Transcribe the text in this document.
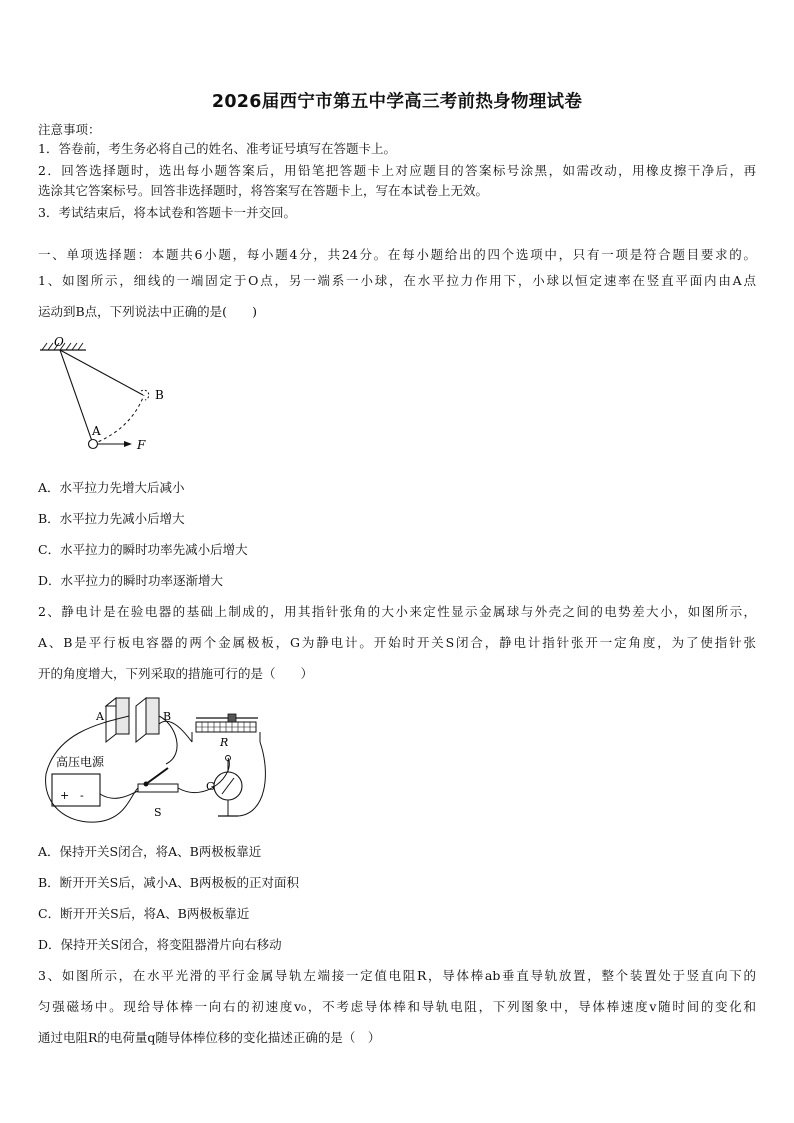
2026届西宁市第五中学高三考前热身物理试卷
注意事项：
1．答卷前，考生务必将自己的姓名、准考证号填写在答题卡上。
2．回答选择题时，选出每小题答案后，用铅笔把答题卡上对应题目的答案标号涂黑，如需改动，用橡皮擦干净后，再
选涂其它答案标号。回答非选择题时，将答案写在答题卡上，写在本试卷上无效。
3．考试结束后，将本试卷和答题卡一并交回。
一、单项选择题：本题共6小题，每小题4分，共24分。在每小题给出的四个选项中，只有一项是符合题目要求的。
1、如图所示，细线的一端固定于O点，另一端系一小球，在水平拉力作用下，小球以恒定速率在竖直平面内由A点
运动到B点，下列说法中正确的是(　　)
O
B
A
F
A．水平拉力先增大后减小
B．水平拉力先减小后增大
C．水平拉力的瞬时功率先减小后增大
D．水平拉力的瞬时功率逐渐增大
2、静电计是在验电器的基础上制成的，用其指针张角的大小来定性显示金属球与外壳之间的电势差大小，如图所示，
A、B是平行板电容器的两个金属极板，G为静电计。开始时开关S闭合，静电计指针张开一定角度，为了使指针张
开的角度增大，下列采取的措施可行的是（　　）
A	B
R
高压电源
+ -
S
G
A．保持开关S闭合，将A、B两极板靠近
B．断开开关S后，减小A、B两极板的正对面积
C．断开开关S后，将A、B两极板靠近
D．保持开关S闭合，将变阻器滑片向右移动
3、如图所示，在水平光滑的平行金属导轨左端接一定值电阻R，导体棒ab垂直导轨放置，整个装置处于竖直向下的
匀强磁场中。现给导体棒一向右的初速度v₀，不考虑导体棒和导轨电阻，下列图象中，导体棒速度v随时间的变化和
通过电阻R的电荷量q随导体棒位移的变化描述正确的是（　）
